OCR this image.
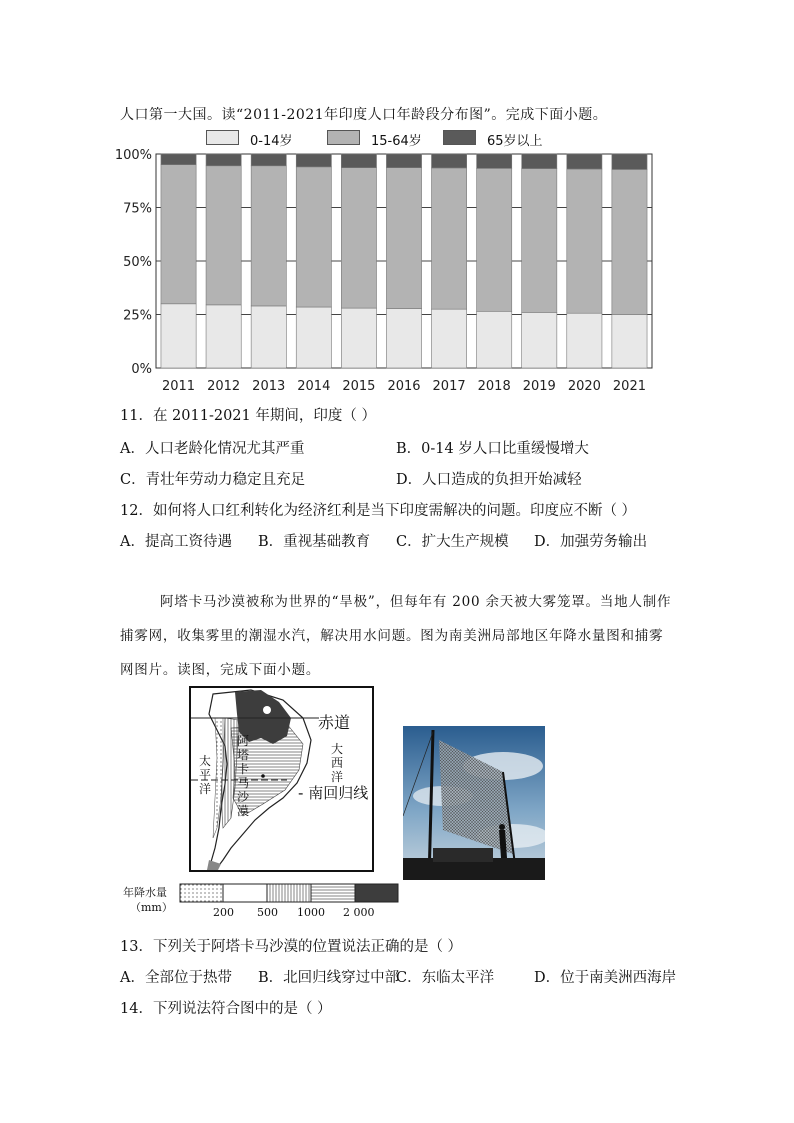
人口第一大国。读“2011-2021年印度人口年龄段分布图”。完成下面小题。
0-14岁	15-64岁	65岁以上
0%
25%
50%
75%
100%
2011 2012 2013 2014 2015 2016 2017 2018 2019 2020 2021
11．在 2011-2021 年期间，印度（ ）
A．人口老龄化情况尤其严重	B．0-14 岁人口比重缓慢增大
C．青壮年劳动力稳定且充足	D．人口造成的负担开始减轻
12．如何将人口红利转化为经济红利是当下印度需解决的问题。印度应不断（ ）
A．提高工资待遇 B．重视基础教育 C．扩大生产规模 D．加强劳务输出
阿塔卡马沙漠被称为世界的“旱极”，但每年有 200 余天被大雾笼罩。当地人制作捕雾网，收集雾里的潮湿水汽，解决用水问题。图为南美洲局部地区年降水量图和捕雾网图片。读图，完成下面小题。
赤道
太平洋
大西洋
阿塔卡马沙漠
- 南回归线
年降水量
（mm）	200 500 1000 2 000
13．下列关于阿塔卡马沙漠的位置说法正确的是（ ）
A．全部位于热带 B．北回归线穿过中部
C．东临太平洋	D．位于南美洲西海岸
14．下列说法符合图中的是（ ）
